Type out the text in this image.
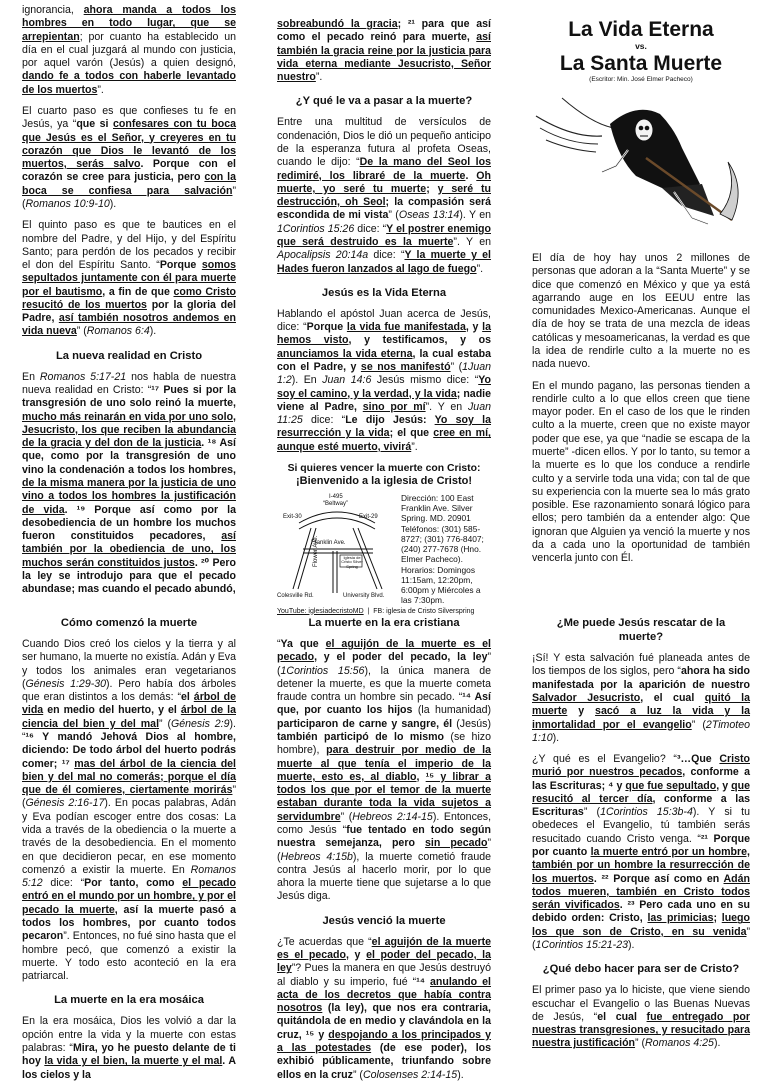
ignorancia, ahora manda a todos los hombres en todo lugar, que se arrepientan; por cuanto ha establecido un día en el cual juzgará al mundo con justicia, por aquel varón (Jesús) a quien designó, dando fe a todos con haberle levantado de los muertos”.

El cuarto paso es que confieses tu fe en Jesús, ya “que si confesares con tu boca que Jesús es el Señor, y creyeres en tu corazón que Dios le levantó de los muertos, serás salvo. Porque con el corazón se cree para justicia, pero con la boca se confiesa para salvación” (Romanos 10:9-10).

El quinto paso es que te bautices en el nombre del Padre, y del Hijo, y del Espíritu Santo; para perdón de los pecados y recibir el don del Espíritu Santo. “Porque somos sepultados juntamente con él para muerte por el bautismo, a fin de que como Cristo resucitó de los muertos por la gloria del Padre, así también nosotros andemos en vida nueva” (Romanos 6:4).

La nueva realidad en Cristo

En Romanos 5:17-21 nos habla de nuestra nueva realidad en Cristo: “¹⁷ Pues si por la transgresión de uno solo reinó la muerte, mucho más reinarán en vida por uno solo, Jesucristo, los que reciben la abundancia de la gracia y del don de la justicia. ¹⁸ Así que, como por la transgresión de uno vino la condenación a todos los hombres, de la misma manera por la justicia de uno vino a todos los hombres la justificación de vida. ¹⁹ Porque así como por la desobediencia de un hombre los muchos fueron constituidos pecadores, así también por la obediencia de uno, los muchos serán constituidos justos. ²⁰ Pero la ley se introdujo para que el pecado abundase; mas cuando el pecado abundó,

sobreabundó la gracia; ²¹ para que así como el pecado reinó para muerte, así también la gracia reine por la justicia para vida eterna mediante Jesucristo, Señor nuestro”.

¿Y qué le va a pasar a la muerte?

Entre una multitud de versículos de condenación, Dios le dió un pequeño anticipo de la esperanza futura al profeta Oseas, cuando le dijo: “De la mano del Seol los redimiré, los libraré de la muerte. Oh muerte, yo seré tu muerte; y seré tu destrucción, oh Seol; la compasión será escondida de mi vista” (Oseas 13:14). Y en 1Corintios 15:26 dice: “Y el postrer enemigo que será destruido es la muerte”. Y en Apocalipsis 20:14a dice: “Y la muerte y el Hades fueron lanzados al lago de fuego”.

Jesús es la Vida Eterna

Hablando el apóstol Juan acerca de Jesús, dice: “Porque la vida fue manifestada, y la hemos visto, y testificamos, y os anunciamos la vida eterna, la cual estaba con el Padre, y se nos manifestó” (1Juan 1:2). En Juan 14:6 Jesús mismo dice: “Yo soy el camino, y la verdad, y la vida; nadie viene al Padre, sino por mí”. Y en Juan 11:25 dice: “Le dijo Jesús: Yo soy la resurrección y la vida; el que cree en mí, aunque esté muerto, vivirá”.

Si quieres vencer la muerte con Cristo:
¡Bienvenido a la iglesia de Cristo!
I-495
“Beltway”
Exit-30	Exit-29
Franklin Ave.
Flower Ave.	Iglesia de Cristo Silver Spring
Colesville Rd.	University Blvd.
Dirección: 100 East Franklin Ave. Silver Spring. MD. 20901
Teléfonos: (301) 585-8727; (301) 776-8407; (240) 277-7678 (Hno. Elmer Pacheco).
Horarios: Domingos 11:15am, 12:20pm, 6:00pm y Miércoles a las 7:30pm.
YouTube: iglesiadecristoMD  |  FB: iglesia de Cristo Silverspring
La Vida Eterna
vs.
La Santa Muerte
(Escritor: Min. José Elmer Pacheco)

El día de hoy hay unos 2 millones de personas que adoran a la “Santa Muerte” y se dice que comenzó en México y que ya está agarrando auge en los EEUU entre las comunidades Mexico-Americanas. Aunque el día de hoy se trata de una mezcla de ideas católicas y mesoamericanas, la verdad es que la idea de rendirle culto a la muerte no es nada nuevo.

En el mundo pagano, las personas tienden a rendirle culto a lo que ellos creen que tiene mayor poder. En el caso de los que le rinden culto a la muerte, creen que no existe mayor poder que ese, ya que “nadie se escapa de la muerte” -dicen ellos. Y por lo tanto, su temor a la muerte es lo que los conduce a rendirle culto y a servirle toda una vida; con tal de que su experiencia con la muerte sea lo más grato posible. Ese razonamiento sonará lógico para ellos; pero también da a entender algo: Que ignoran que Alguien ya venció la muerte y nos da a cada uno la oportunidad de también vencerla junto con Él.

Cómo comenzó la muerte

Cuando Dios creó los cielos y la tierra y al ser humano, la muerte no existía. Adán y Eva y todos los animales eran vegetarianos (Génesis 1:29-30). Pero había dos árboles que eran distintos a los demás: “el árbol de vida en medio del huerto, y el árbol de la ciencia del bien y del mal” (Génesis 2:9). “¹⁶ Y mandó Jehová Dios al hombre, diciendo: De todo árbol del huerto podrás comer; ¹⁷ mas del árbol de la ciencia del bien y del mal no comerás; porque el día que de él comieres, ciertamente morirás” (Génesis 2:16-17). En pocas palabras, Adán y Eva podían escoger entre dos cosas: La vida a través de la obediencia o la muerte a través de la desobediencia. En el momento en que decidieron pecar, en ese momento comenzó a existir la muerte. En Romanos 5:12 dice: “Por tanto, como el pecado entró en el mundo por un hombre, y por el pecado la muerte, así la muerte pasó a todos los hombres, por cuanto todos pecaron”. Entonces, no fué sino hasta que el hombre pecó, que comenzó a existir la muerte. Y todo esto aconteció en la era patriarcal.

La muerte en la era mosáica

En la era mosáica, Dios les volvió a dar la opción entre la vida y la muerte con estas palabras: “Mira, yo he puesto delante de ti hoy la vida y el bien, la muerte y el mal. A los cielos y la

La muerte en la era cristiana

“Ya que el aguijón de la muerte es el pecado, y el poder del pecado, la ley” (1Corintios 15:56), la única manera de detener la muerte, es que la muerte cometa fraude contra un hombre sin pecado. “¹⁴ Así que, por cuanto los hijos (la humanidad) participaron de carne y sangre, él (Jesús) también participó de lo mismo (se hizo hombre), para destruir por medio de la muerte al que tenía el imperio de la muerte, esto es, al diablo, ¹⁵ y librar a todos los que por el temor de la muerte estaban durante toda la vida sujetos a servidumbre” (Hebreos 2:14-15). Entonces, como Jesús “fue tentado en todo según nuestra semejanza, pero sin pecado” (Hebreos 4:15b), la muerte cometió fraude contra Jesús al hacerlo morir, por lo que ahora la muerte tiene que sujetarse a lo que Jesús diga.

Jesús venció la muerte

¿Te acuerdas que “el aguijón de la muerte es el pecado, y el poder del pecado, la ley”? Pues la manera en que Jesús destruyó al diablo y su imperio, fué “¹⁴ anulando el acta de los decretos que había contra nosotros (la ley), que nos era contraria, quitándola de en medio y clavándola en la cruz, ¹⁵ y despojando a los principados y a las potestades (de ese poder), los exhibió públicamente, triunfando sobre ellos en la cruz” (Colosenses 2:14-15).

¿Me puede Jesús rescatar de la muerte?

¡Sí! Y esta salvación fué planeada antes de los tiempos de los siglos, pero “ahora ha sido manifestada por la aparición de nuestro Salvador Jesucristo, el cual quitó la muerte y sacó a luz la vida y la inmortalidad por el evangelio” (2Timoteo 1:10).

¿Y qué es el Evangelio? “³…Que Cristo murió por nuestros pecados, conforme a las Escrituras; ⁴ y que fue sepultado, y que resucitó al tercer día, conforme a las Escrituras” (1Corintios 15:3b-4). Y si tu obedeces el Evangelio, tú también serás resucitado cuando Cristo venga. “²¹ Porque por cuanto la muerte entró por un hombre, también por un hombre la resurrección de los muertos. ²² Porque así como en Adán todos mueren, también en Cristo todos serán vivificados. ²³ Pero cada uno en su debido orden: Cristo, las primicias; luego los que son de Cristo, en su venida” (1Corintios 15:21-23).

¿Qué debo hacer para ser de Cristo?

El primer paso ya lo hiciste, que viene siendo escuchar el Evangelio o las Buenas Nuevas de Jesús, “el cual fue entregado por nuestras transgresiones, y resucitado para nuestra justificación” (Romanos 4:25).
